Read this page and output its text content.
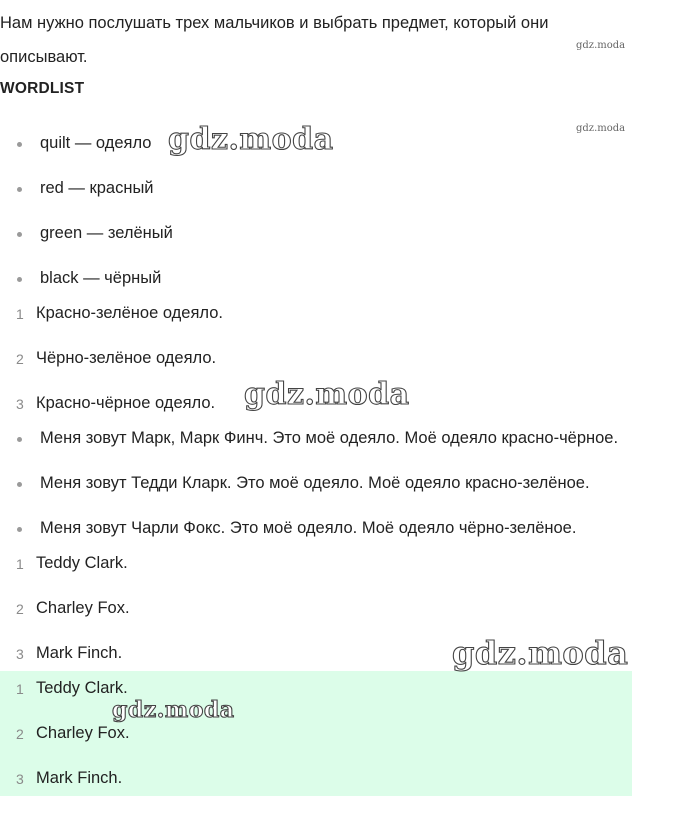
Нам нужно послушать трех мальчиков и выбрать предмет, который они описывают.
WORDLIST
quilt — одеяло
red — красный
green — зелёный
black — чёрный
1 Красно-зелёное одеяло.
2 Чёрно-зелёное одеяло.
3 Красно-чёрное одеяло.
Меня зовут Марк, Марк Финч. Это моё одеяло. Моё одеяло красно-чёрное.
Меня зовут Тедди Кларк. Это моё одеяло. Моё одеяло красно-зелёное.
Меня зовут Чарли Фокс. Это моё одеяло. Моё одеяло чёрно-зелёное.
1 Teddy Clark.
2 Charley Fox.
3 Mark Finch.
1 Teddy Clark.
2 Charley Fox.
3 Mark Finch.
gdz.moda
gdz.moda
gdz.moda
gdz.moda
gdz.moda
gdz.moda
